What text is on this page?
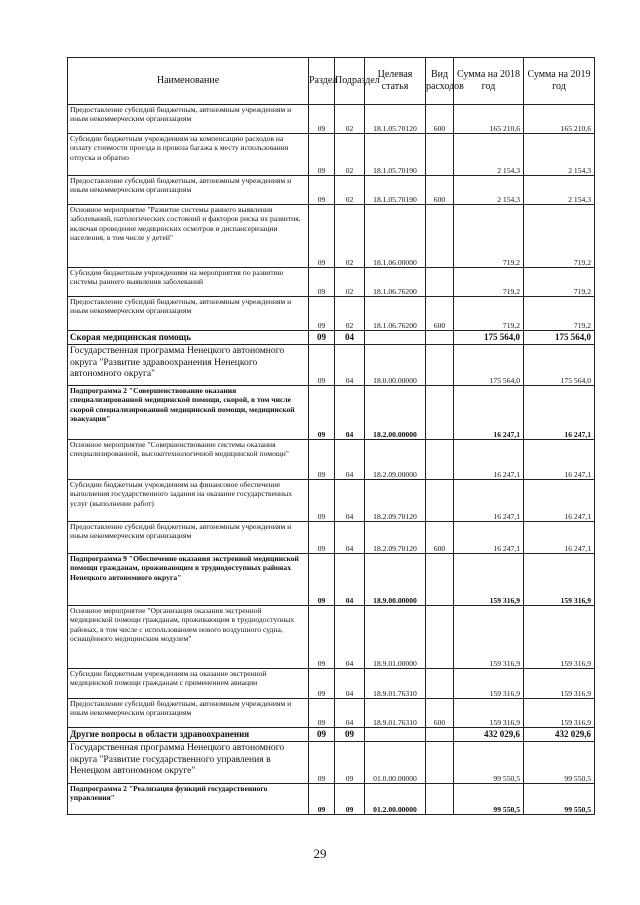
Наименование	Раздел	Подраздел	Целевая статья	Вид расходов	Сумма на 2018 год	Сумма на 2019 год
Предоставление субсидий бюджетным, автономным учреждениям и иным некоммерческим организациям	09	02	18.1.05.70120	600	165 210,6	165 210,6
Субсидии бюджетным учреждениям на компенсацию расходов на оплату стоимости проезда и провоза багажа к месту использования отпуска и обратно	09	02	18.1.05.70190		2 154,3	2 154,3
Предоставление субсидий бюджетным, автономным учреждениям и иным некоммерческим организациям	09	02	18.1.05.70190	600	2 154,3	2 154,3
Основное мероприятие "Развитие системы раннего выявления заболеваний, патологических состояний и факторов риска их развития, включая проведение медицинских осмотров и диспансеризации населения, в том числе у детей"	09	02	18.1.06.00000		719,2	719,2
Субсидия бюджетным учреждениям на мероприятия по развитию системы раннего выявления заболеваний	09	02	18.1.06.76200		719,2	719,2
Предоставление субсидий бюджетным, автономным учреждениям и иным некоммерческим организациям	09	02	18.1.06.76200	600	719,2	719,2
Скорая медицинская помощь	09	04			175 564,0	175 564,0
Государственная программа Ненецкого автономного округа "Развитие здравоохранения Ненецкого автономного округа"	09	04	18.0.00.00000		175 564,0	175 564,0
Подпрограмма 2 "Совершенствование оказания специализированной медицинской помощи, скорой, в том числе скорой специализированной медицинской помощи, медицинской эвакуации"	09	04	18.2.00.00000		16 247,1	16 247,1
Основное мероприятие "Совершенствование системы оказания специализированной, высокотехнологичной медицинской помощи"	09	04	18.2.09.00000		16 247,1	16 247,1
Субсидии бюджетным учреждениям на финансовое обеспечение выполнения государственного задания на оказание государственных услуг (выполнение работ)	09	04	18.2.09.70120		16 247,1	16 247,1
Предоставление субсидий бюджетным, автономным учреждениям и иным некоммерческим организациям	09	04	18.2.09.70120	600	16 247,1	16 247,1
Подпрограмма 9 "Обеспечение оказания экстренной медицинской помощи гражданам, проживающим в труднодоступных районах Ненецкого автономного округа"	09	04	18.9.00.00000		159 316,9	159 316,9
Основное мероприятие "Организация оказания экстренной медицинской помощи гражданам, проживающим в труднодоступных районах, в том числе с использованием нового воздушного судна, оснащённого медицинским модулем"	09	04	18.9.01.00000		159 316,9	159 316,9
Субсидии бюджетным учреждениям на оказание экстренной медицинской помощи гражданам с применением авиации	09	04	18.9.01.76310		159 316,9	159 316,9
Предоставление субсидий бюджетным, автономным учреждениям и иным некоммерческим организациям	09	04	18.9.01.76310	600	159 316,9	159 316,9
Другие вопросы в области здравоохранения	09	09			432 029,6	432 029,6
Государственная программа Ненецкого автономного округа "Развитие государственного управления в Ненецком автономном округе"	09	09	01.0.00.00000		99 550,5	99 550,5
Подпрограмма 2 "Реализация функций государственного управления"	09	09	01.2.00.00000		99 550,5	99 550,5
29
